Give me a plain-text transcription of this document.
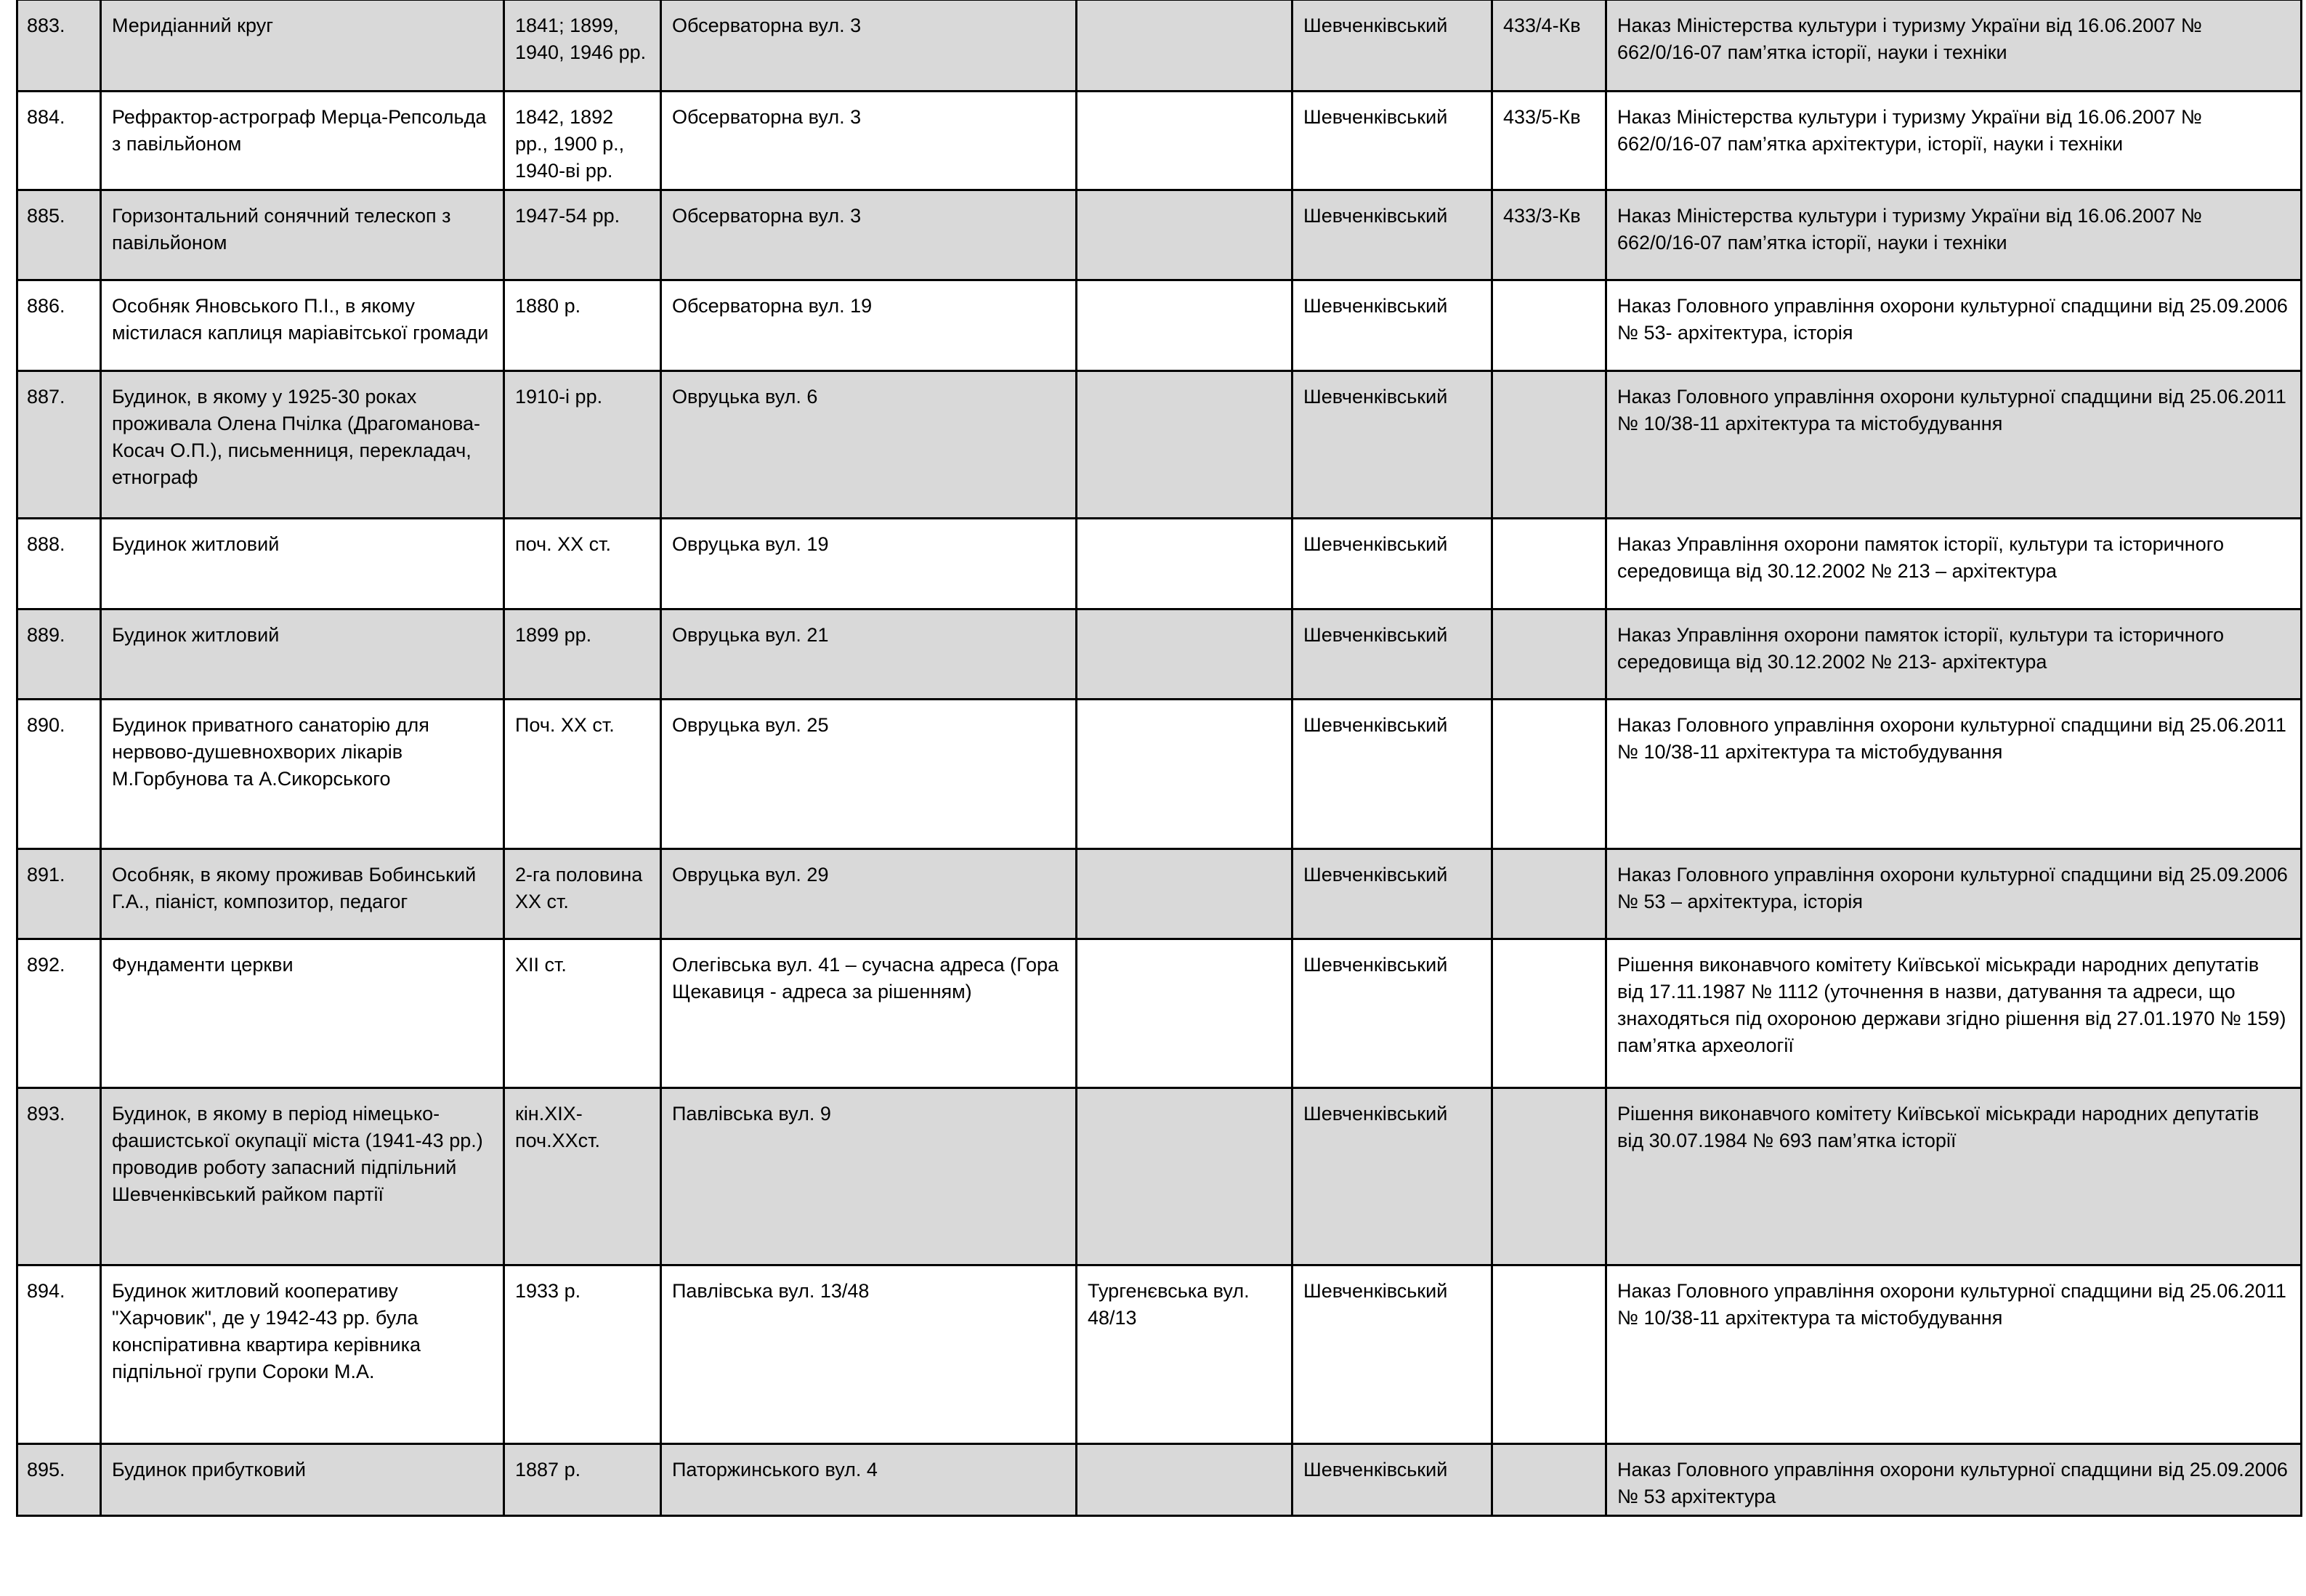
883.	Меридіанний круг	1841; 1899, 1940, 1946 рр.	Обсерваторна вул. 3		Шевченківський	433/4-Кв	Наказ Міністерства культури і туризму України від 16.06.2007 № 662/0/16-07 пам’ятка історії, науки і техніки
884.	Рефрактор-астрограф Мерца-Репсольда з павільйоном	1842, 1892 рр., 1900 р., 1940-ві рр.	Обсерваторна вул. 3		Шевченківський	433/5-Кв	Наказ Міністерства культури і туризму України від 16.06.2007 № 662/0/16-07 пам’ятка архітектури, історії, науки і техніки
885.	Горизонтальний сонячний телескоп з павільйоном	1947-54 рр.	Обсерваторна вул. 3		Шевченківський	433/3-Кв	Наказ Міністерства культури і туризму України від 16.06.2007 № 662/0/16-07 пам’ятка історії, науки і техніки
886.	Особняк Яновського П.І., в якому містилася каплиця маріавітської громади	1880 р.	Обсерваторна вул. 19		Шевченківський		Наказ Головного управління охорони культурної спадщини від 25.09.2006 № 53- архітектура, історія
887.	Будинок, в якому у 1925-30 роках проживала Олена Пчілка (Драгоманова-Косач О.П.), письменниця, перекладач, етнограф	1910-і рр.	Овруцька вул. 6		Шевченківський		Наказ Головного управління охорони культурної спадщини від 25.06.2011 № 10/38-11 архітектура та містобудування
888.	Будинок житловий	поч. ХХ ст.	Овруцька вул. 19		Шевченківський		Наказ Управління охорони памяток історії, культури та історичного середовища від 30.12.2002 № 213 – архітектура
889.	Будинок житловий	1899 рр.	Овруцька вул. 21		Шевченківський		Наказ Управління охорони памяток історії, культури та історичного середовища від 30.12.2002 № 213- архітектура
890.	Будинок приватного санаторію для нервово-душевнохворих лікарів М.Горбунова та А.Сикорського	Поч. ХХ ст.	Овруцька вул. 25		Шевченківський		Наказ Головного управління охорони культурної спадщини від 25.06.2011 № 10/38-11 архітектура та містобудування
891.	Особняк, в якому проживав Бобинський Г.А., піаніст, композитор, педагог	2-га половина ХХ ст.	Овруцька вул. 29		Шевченківський		Наказ Головного управління охорони культурної спадщини від 25.09.2006 № 53 – архітектура, історія
892.	Фундаменти церкви	ХІІ ст.	Олегівська вул. 41 – сучасна адреса (Гора Щекавиця - адреса за рішенням)		Шевченківський		Рішення виконавчого комітету Київської міськради народних депутатів від 17.11.1987 № 1112 (уточнення в назви, датування та адреси, що знаходяться під охороною держави згідно рішення від 27.01.1970 № 159) пам’ятка археології
893.	Будинок, в якому в період німецько-фашистської окупації міста (1941-43 рр.) проводив роботу запасний підпільний Шевченківський райком партії	кін.ХІХ-поч.ХХст.	Павлівська вул. 9		Шевченківський		Рішення виконавчого комітету Київської міськради народних депутатів від 30.07.1984 № 693 пам’ятка історії
894.	Будинок житловий кооперативу "Харчовик", де у 1942-43 рр. була конспіративна квартира керівника підпільної групи Сороки М.А.	1933 р.	Павлівська вул. 13/48	Тургенєвська вул. 48/13	Шевченківський		Наказ Головного управління охорони культурної спадщини від 25.06.2011 № 10/38-11 архітектура та містобудування
895.	Будинок прибутковий	1887 р.	Паторжинського вул. 4		Шевченківський		Наказ Головного управління охорони культурної спадщини від 25.09.2006 № 53 архітектура
